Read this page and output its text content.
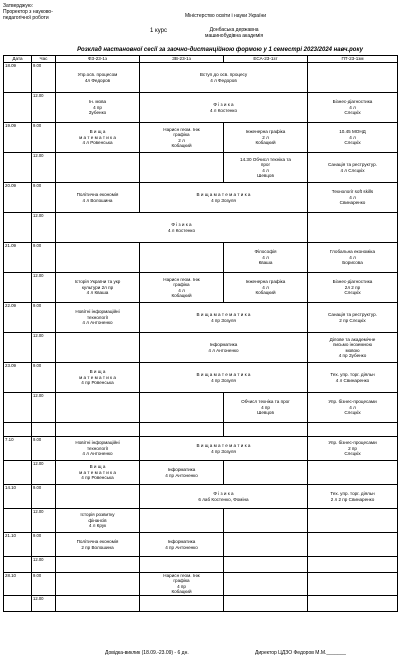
Затверджую:
Проректор з науково-
педагогічної роботи
1 курс
Міністерство освіти і науки України
Донбаська державна
машинобудівна академія
Розклад настановної сесії за заочно-дистанційною формою у 1 семестрі 2023/2024 навч.року
Дата	Час	ФЗ-23-1з	ЗВ-23-1з	ЕСА-23-1зт	ПТ-23-1зм
18.09	9.00	Упр.осв. процесом
4л Федоров	Вступ до осв. процесу
4 л Федоров		
	12.00	Ін. мова
4 пр
Зубенко	Ф і з и к а
4 л Костенко		Бізнес-діагностика
4 л
Слєцкіх
19.09	9.00	В и щ а
м а т е м а т и к а
4 л Ровенська	Нарисн геом. Інж
графіка
2 л
Кобацкий	Інженерна графіка
2 л
Кобацкий	10.45 МОНД
4 л
Слєцкіх
	12.00			14.30 Обчисл техніка та
прог
4 л
Шевцов	Санація та реструктур.
4 л Слєцкіх
20.09	9.00	Політична економія
4 л Волошина	В и щ а м а т е м а т и к а
4 пр Зозуля		Технології soft skills
4 л
Свинаренко
	12.00	Ф і з и к а
4 л Костенко			
21.09	9.00			Філософія
4 л
Кваша	Глобальна економіка
4 л
Борисова
	12.00	Історія України та укр
культури 2л пр
4 л Кваша	Нарисн геом. Інж
графіка
4 л
Кобацкий	Інженерна графіка
4 л
Кобацкий	Бізнес-діагностика
2л 2 пр
Слєцкіх
22.09	9.00	Новітні інформаційні
технології
4 л Антоненко	В и щ а м а т е м а т и к а
4 пр Зозуля		Санація та реструктур.
2 пр Слєцкіх
	12.00		Інформатика
4 л Антоненко		Ділове та академічне
письмо іноземною
мовою
4 пр Зубенко
23.09	9.00	В и щ а
м а т е м а т и к а
4 пр Ровенська	В и щ а м а т е м а т и к а
4 пр Зозуля		Тех. упр. торг. діяльн
4 л Свинаренко
	12.00			Обчисл техніка та прог
4 пр
Шевцов	Упр. бізнес-процесами
4 л
Слєцкіх

7.10	9.00	Новітні інформаційні
технології
4 л Антоненко	В и щ а м а т е м а т и к а
4 пр Зозуля		Упр. бізнес-процесами
2 пр
Слєцкіх
	12.00	В и щ а
м а т е м а т и к а
4 пр Ровенська	Інформатика
4 пр Антоненко		
14.10	9.00		Ф і з и к а
6 лаб Костенко, Фоміна		Тех. упр. торг. діяльн
2 л 2 пр Свинаренко
	12.00	Історія розвитку
фінансів
4 л Крук			
21.10	9.00	Політична економія
2 пр Волошина	Інформатика
4 пр Антоненко		
	12.00				
28.10	9.00		Нарисн геом. Інж
графіка
4 пр
Кобацкий		
	12.00				
Довідка-виклик (18.09.-23.09) - 6 дн.	Директор ЦДЗО Федоров М.М._______
